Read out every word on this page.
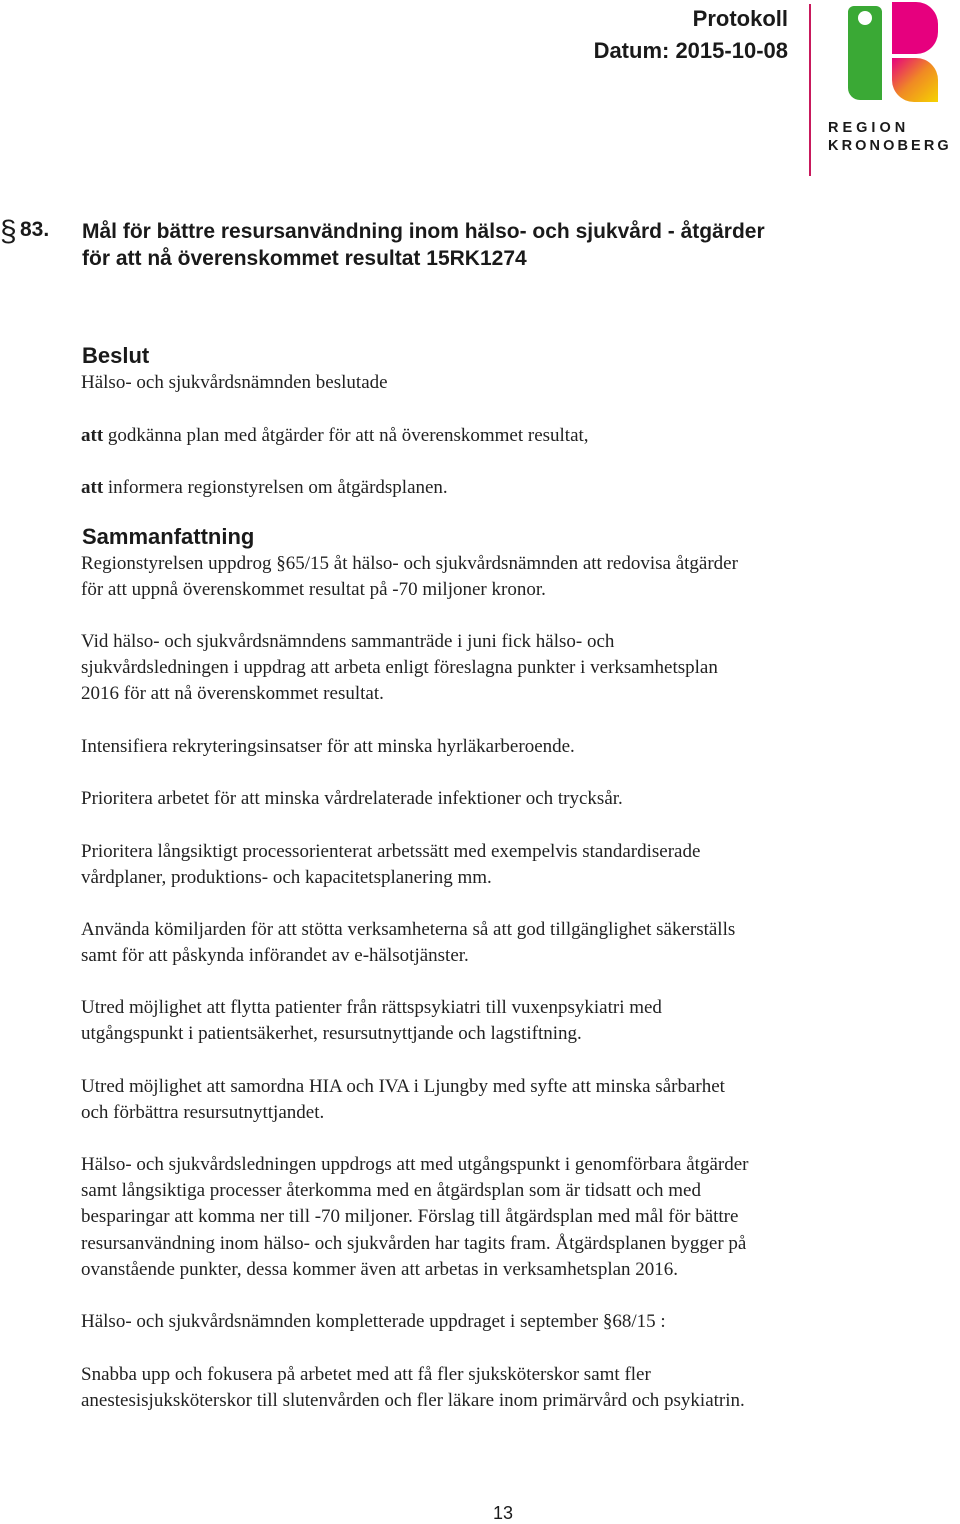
Protokoll
Datum: 2015-10-08
REGION
KRONOBERG
§ 83. Mål för bättre resursanvändning inom hälso- och sjukvård - åtgärder
för att nå överenskommet resultat 15RK1274
Beslut
Hälso- och sjukvårdsnämnden beslutade
att godkänna plan med åtgärder för att nå överenskommet resultat,
att informera regionstyrelsen om åtgärdsplanen.
Sammanfattning
Regionstyrelsen uppdrog §65/15 åt hälso- och sjukvårdsnämnden att redovisa åtgärder
för att uppnå överenskommet resultat på -70 miljoner kronor.
Vid hälso- och sjukvårdsnämndens sammanträde i juni fick hälso- och
sjukvårdsledningen i uppdrag att arbeta enligt föreslagna punkter i verksamhetsplan
2016 för att nå överenskommet resultat.
Intensifiera rekryteringsinsatser för att minska hyrläkarberoende.
Prioritera arbetet för att minska vårdrelaterade infektioner och trycksår.
Prioritera långsiktigt processorienterat arbetssätt med exempelvis standardiserade
vårdplaner, produktions- och kapacitetsplanering mm.
Använda kömiljarden för att stötta verksamheterna så att god tillgänglighet säkerställs
samt för att påskynda införandet av e-hälsotjänster.
Utred möjlighet att flytta patienter från rättspsykiatri till vuxenpsykiatri med
utgångspunkt i patientsäkerhet, resursutnyttjande och lagstiftning.
Utred möjlighet att samordna HIA och IVA i Ljungby med syfte att minska sårbarhet
och förbättra resursutnyttjandet.
Hälso- och sjukvårdsledningen uppdrogs att med utgångspunkt i genomförbara åtgärder
samt långsiktiga processer återkomma med en åtgärdsplan som är tidsatt och med
besparingar att komma ner till -70 miljoner. Förslag till åtgärdsplan med mål för bättre
resursanvändning inom hälso- och sjukvården har tagits fram. Åtgärdsplanen bygger på
ovanstående punkter, dessa kommer även att arbetas in verksamhetsplan 2016.
Hälso- och sjukvårdsnämnden kompletterade uppdraget i september §68/15 :
Snabba upp och fokusera på arbetet med att få fler sjuksköterskor samt fler
anestesisjuksköterskor till slutenvården och fler läkare inom primärvård och psykiatrin.
13
